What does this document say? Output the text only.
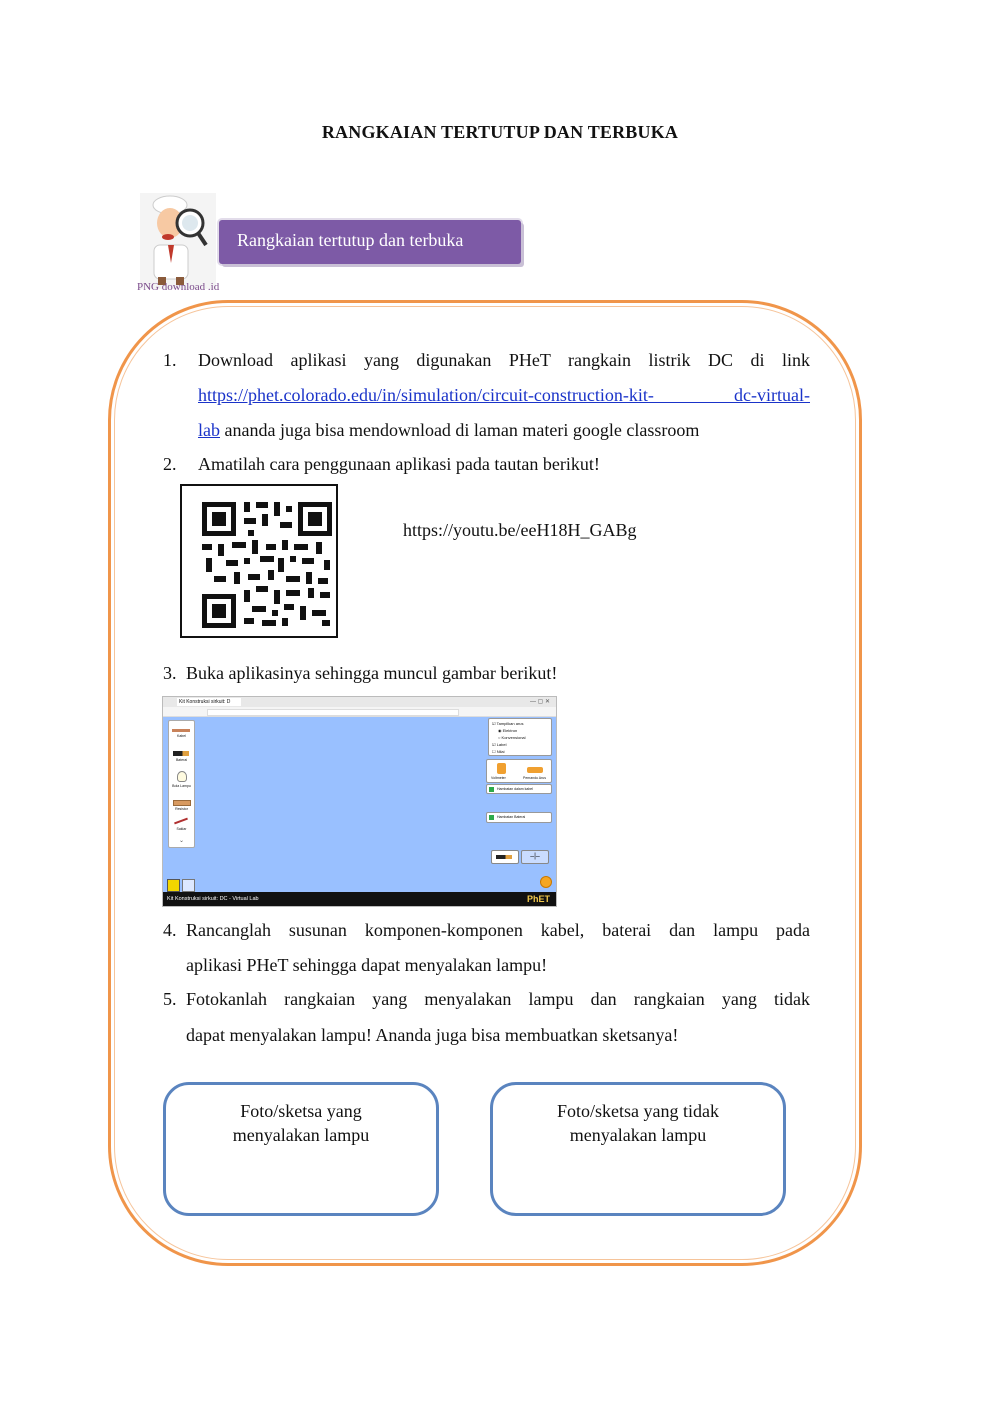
RANGKAIAN TERTUTUP DAN TERBUKA
PNG download .id
Rangkaian tertutup dan terbuka
1. Download aplikasi yang digunakan PHeT rangkain listrik DC di link
https://phet.colorado.edu/in/simulation/circuit-construction-kit- dc-virtual-
lab ananda juga bisa mendownload di laman materi google classroom
2. Amatilah cara penggunaan aplikasi pada tautan berikut!
https://youtu.be/eeH18H_GABg
3. Buka aplikasinya sehingga muncul gambar berikut!
Kit Konstruksi sirkuit: D	— ▢ ✕
Kabel
Baterai
Bola Lampu
Resistor
Saklar
⌄
☑ Tampilkan arus
◉ Elektron
○ Konvensional
☑ Label
☐ Nilai
Voltmeter	Pemandu Arus
Hambatan dalam kabel
Hambatan Baterai
–|–
Kit Konstruksi sirkuit: DC - Virtual Lab	PhET
4. Rancanglah susunan komponen-komponen kabel, baterai dan lampu pada
aplikasi PHeT sehingga dapat menyalakan lampu!
5. Fotokanlah rangkaian yang menyalakan lampu dan rangkaian yang tidak
dapat menyalakan lampu! Ananda juga bisa membuatkan sketsanya!
Foto/sketsa yang
menyalakan lampu
Foto/sketsa yang tidak
menyalakan lampu
